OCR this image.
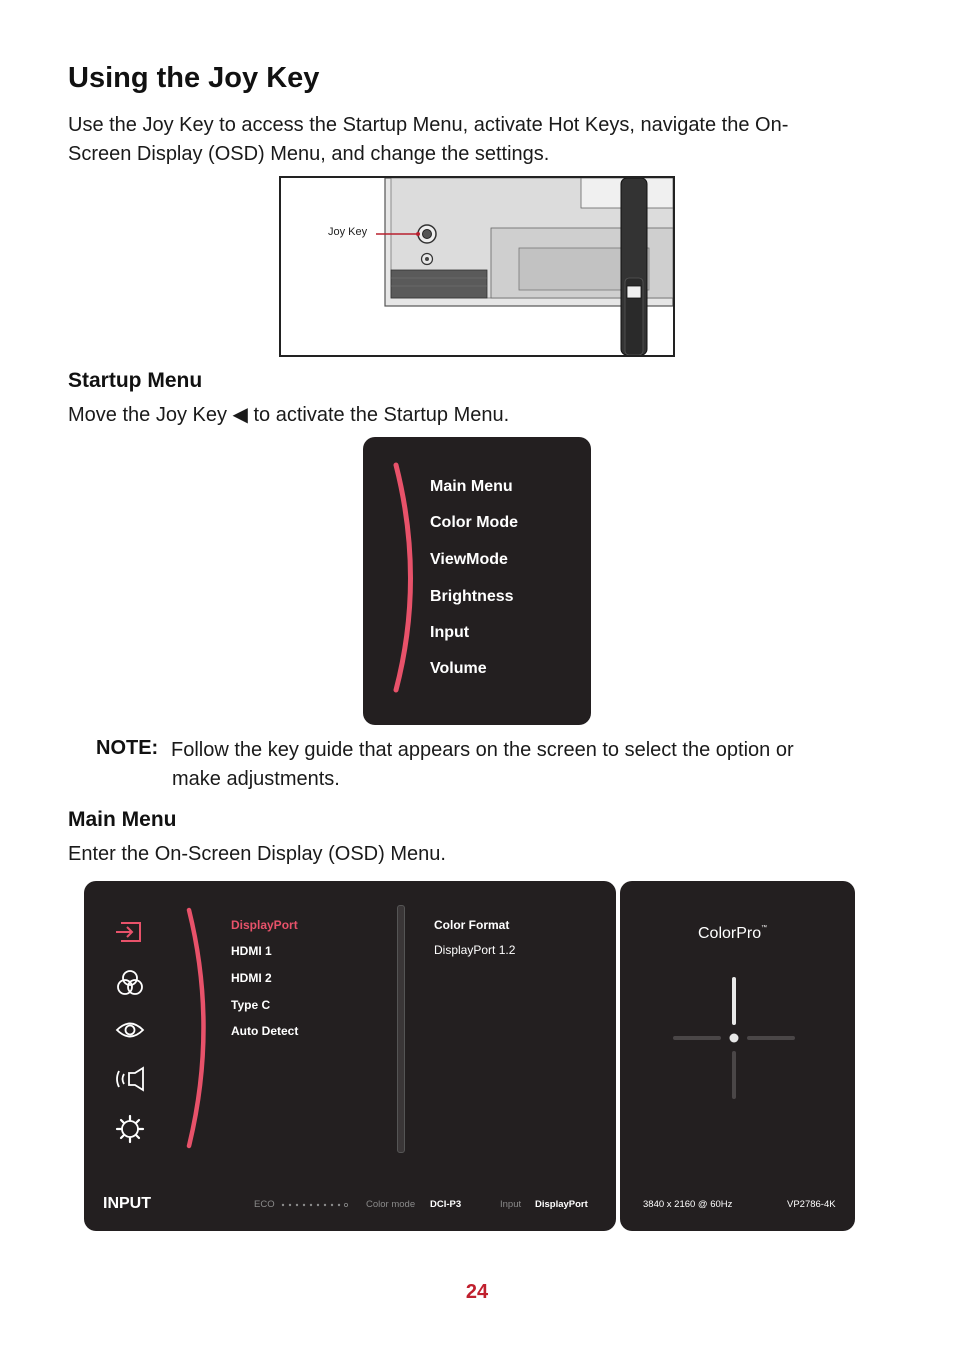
Using the Joy Key
Use the Joy Key to access the Startup Menu, activate Hot Keys, navigate the On-
Screen Display (OSD) Menu, and change the settings.
Joy Key
Startup Menu
Move the Joy Key ◀ to activate the Startup Menu.
Main Menu
Color Mode
ViewMode
Brightness
Input
Volume
NOTE: Follow the key guide that appears on the screen to select the option or
make adjustments.
Main Menu
Enter the On-Screen Display (OSD) Menu.
DisplayPort
HDMI 1
HDMI 2
Type C
Auto Detect
Color Format
DisplayPort 1.2
INPUT	ECO	Color mode DCI-P3	Input DisplayPort
ColorPro™
3840 x 2160 @ 60Hz	VP2786-4K
24
